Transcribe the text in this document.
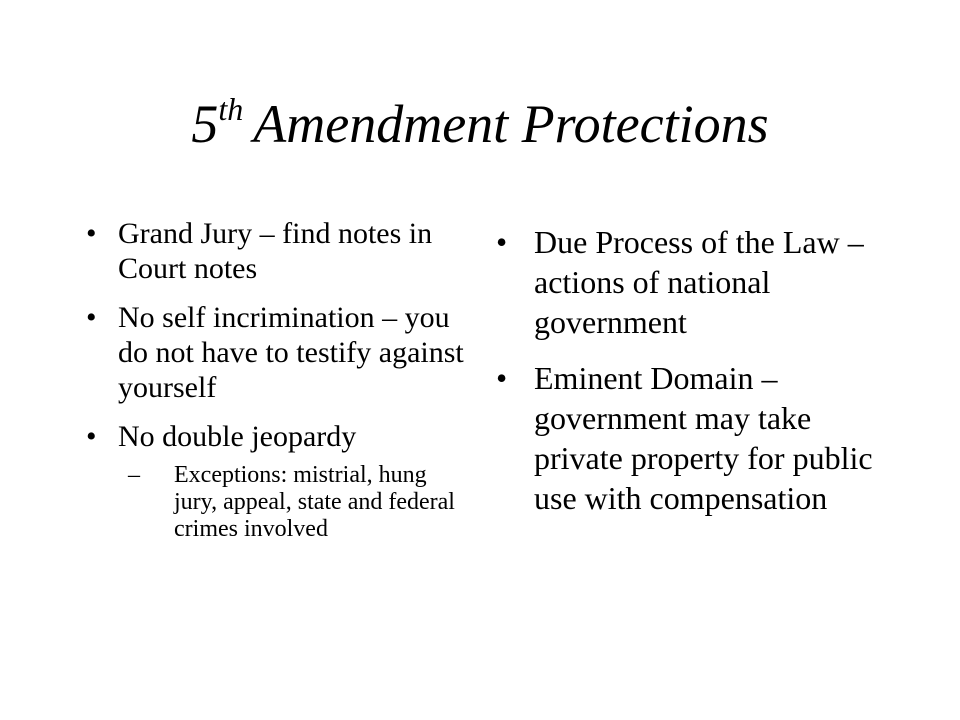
5th Amendment Protections
• Grand Jury – find notes in Court notes
• No self incrimination – you do not have to testify against yourself
• No double jeopardy
– Exceptions: mistrial, hung jury, appeal, state and federal crimes involved
• Due Process of the Law – actions of national government
• Eminent Domain – government may take private property for public use with compensation
